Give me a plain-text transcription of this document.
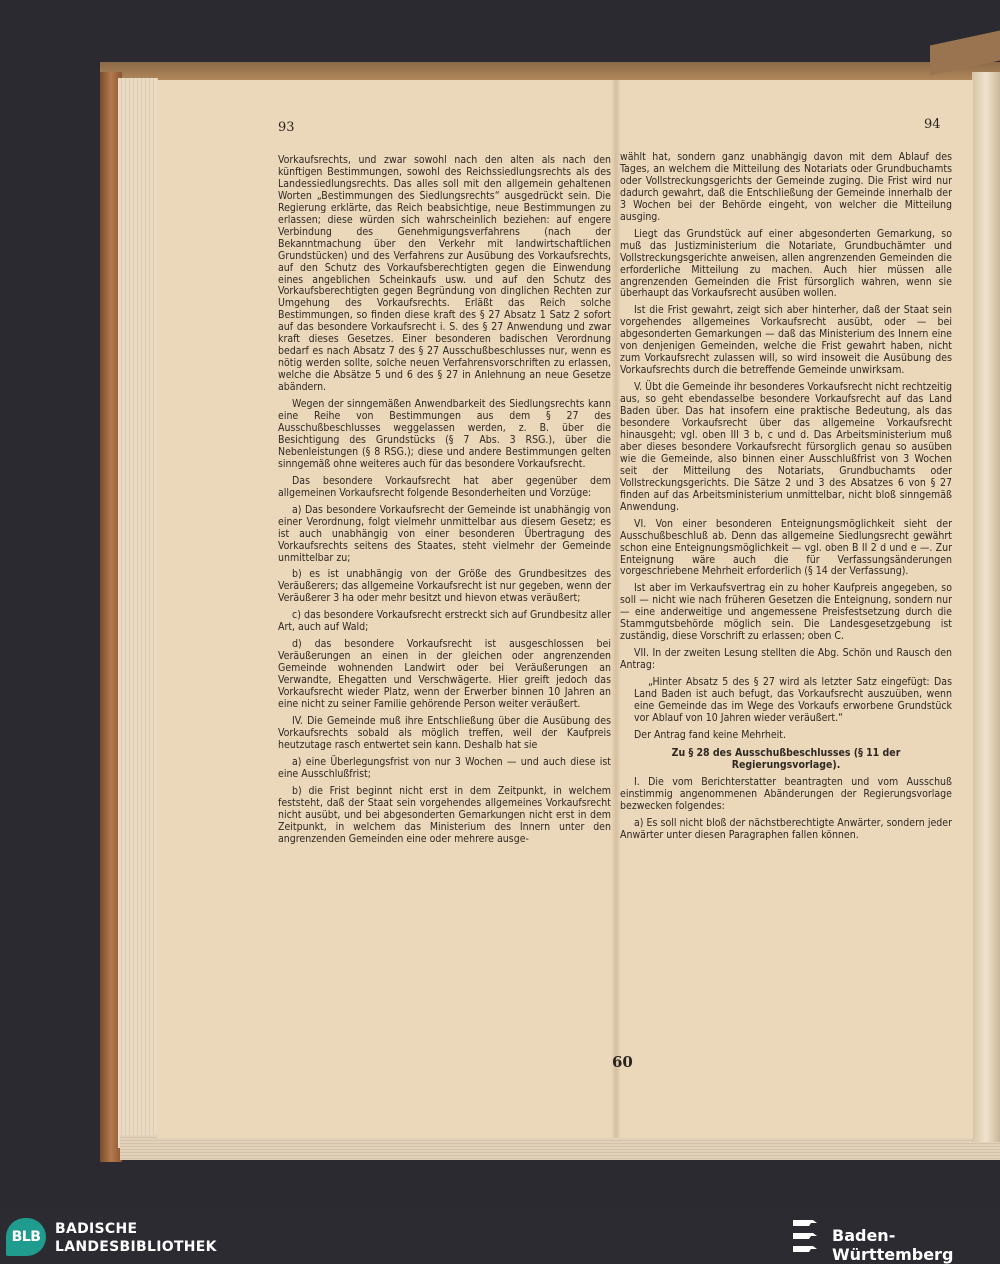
93	94

Vorkaufsrechts, und zwar sowohl nach den alten als nach den künftigen Bestimmungen, sowohl des Reichssiedlungsrechts als des Landessiedlungsrechts. Das alles soll mit den allgemein gehaltenen Worten „Bestimmungen des Siedlungsrechts“ ausgedrückt sein. Die Regierung erklärte, das Reich beabsichtige, neue Bestimmungen zu erlassen; diese würden sich wahrscheinlich beziehen: auf engere Verbindung des Genehmigungsverfahrens (nach der Bekanntmachung über den Verkehr mit landwirtschaftlichen Grundstücken) und des Verfahrens zur Ausübung des Vorkaufsrechts, auf den Schutz des Vorkaufsberechtigten gegen die Einwendung eines angeblichen Scheinkaufs usw. und auf den Schutz des Vorkaufsberechtigten gegen Begründung von dinglichen Rechten zur Umgehung des Vorkaufsrechts. Erläßt das Reich solche Bestimmungen, so finden diese kraft des § 27 Absatz 1 Satz 2 sofort auf das besondere Vorkaufsrecht i. S. des § 27 Anwendung und zwar kraft dieses Gesetzes. Einer besonderen badischen Verordnung bedarf es nach Absatz 7 des § 27 Ausschußbeschlusses nur, wenn es nötig werden sollte, solche neuen Verfahrensvorschriften zu erlassen, welche die Absätze 5 und 6 des § 27 in Anlehnung an neue Gesetze abändern.

Wegen der sinngemäßen Anwendbarkeit des Siedlungsrechts kann eine Reihe von Bestimmungen aus dem § 27 des Ausschußbeschlusses weggelassen werden, z. B. über die Besichtigung des Grundstücks (§ 7 Abs. 3 RSG.), über die Nebenleistungen (§ 8 RSG.); diese und andere Bestimmungen gelten sinngemäß ohne weiteres auch für das besondere Vorkaufsrecht.

Das besondere Vorkaufsrecht hat aber gegenüber dem allgemeinen Vorkaufsrecht folgende Besonderheiten und Vorzüge:

a) Das besondere Vorkaufsrecht der Gemeinde ist unabhängig von einer Verordnung, folgt vielmehr unmittelbar aus diesem Gesetz; es ist auch unabhängig von einer besonderen Übertragung des Vorkaufsrechts seitens des Staates, steht vielmehr der Gemeinde unmittelbar zu;

b) es ist unabhängig von der Größe des Grundbesitzes des Veräußerers; das allgemeine Vorkaufsrecht ist nur gegeben, wenn der Veräußerer 3 ha oder mehr besitzt und hievon etwas veräußert;

c) das besondere Vorkaufsrecht erstreckt sich auf Grundbesitz aller Art, auch auf Wald;

d) das besondere Vorkaufsrecht ist ausgeschlossen bei Veräußerungen an einen in der gleichen oder angrenzenden Gemeinde wohnenden Landwirt oder bei Veräußerungen an Verwandte, Ehegatten und Verschwägerte. Hier greift jedoch das Vorkaufsrecht wieder Platz, wenn der Erwerber binnen 10 Jahren an eine nicht zu seiner Familie gehörende Person weiter veräußert.

IV. Die Gemeinde muß ihre Entschließung über die Ausübung des Vorkaufsrechts sobald als möglich treffen, weil der Kaufpreis heutzutage rasch entwertet sein kann. Deshalb hat sie

a) eine Überlegungsfrist von nur 3 Wochen — und auch diese ist eine Ausschlußfrist;

b) die Frist beginnt nicht erst in dem Zeitpunkt, in welchem feststeht, daß der Staat sein vorgehendes allgemeines Vorkaufsrecht nicht ausübt, und bei abgesonderten Gemarkungen nicht erst in dem Zeitpunkt, in welchem das Ministerium des Innern unter den angrenzenden Gemeinden eine oder mehrere ausge-

wählt hat, sondern ganz unabhängig davon mit dem Ablauf des Tages, an welchem die Mitteilung des Notariats oder Grundbuchamts oder Vollstreckungsgerichts der Gemeinde zuging. Die Frist wird nur dadurch gewahrt, daß die Entschließung der Gemeinde innerhalb der 3 Wochen bei der Behörde eingeht, von welcher die Mitteilung ausging.

Liegt das Grundstück auf einer abgesonderten Gemarkung, so muß das Justizministerium die Notariate, Grundbuchämter und Vollstreckungsgerichte anweisen, allen angrenzenden Gemeinden die erforderliche Mitteilung zu machen. Auch hier müssen alle angrenzenden Gemeinden die Frist fürsorglich wahren, wenn sie überhaupt das Vorkaufsrecht ausüben wollen.

Ist die Frist gewahrt, zeigt sich aber hinterher, daß der Staat sein vorgehendes allgemeines Vorkaufsrecht ausübt, oder — bei abgesonderten Gemarkungen — daß das Ministerium des Innern eine von denjenigen Gemeinden, welche die Frist gewahrt haben, nicht zum Vorkaufsrecht zulassen will, so wird insoweit die Ausübung des Vorkaufsrechts durch die betreffende Gemeinde unwirksam.

V. Übt die Gemeinde ihr besonderes Vorkaufsrecht nicht rechtzeitig aus, so geht ebendasselbe besondere Vorkaufsrecht auf das Land Baden über. Das hat insofern eine praktische Bedeutung, als das besondere Vorkaufsrecht über das allgemeine Vorkaufsrecht hinausgeht; vgl. oben III 3 b, c und d. Das Arbeitsministerium muß aber dieses besondere Vorkaufsrecht fürsorglich genau so ausüben wie die Gemeinde, also binnen einer Ausschlußfrist von 3 Wochen seit der Mitteilung des Notariats, Grundbuchamts oder Vollstreckungsgerichts. Die Sätze 2 und 3 des Absatzes 6 von § 27 finden auf das Arbeitsministerium unmittelbar, nicht bloß sinngemäß Anwendung.

VI. Von einer besonderen Enteignungsmöglichkeit sieht der Ausschußbeschluß ab. Denn das allgemeine Siedlungsrecht gewährt schon eine Enteignungsmöglichkeit — vgl. oben B II 2 d und e —. Zur Enteignung wäre auch die für Verfassungsänderungen vorgeschriebene Mehrheit erforderlich (§ 14 der Verfassung).

Ist aber im Verkaufsvertrag ein zu hoher Kaufpreis angegeben, so soll — nicht wie nach früheren Gesetzen die Enteignung, sondern nur — eine anderweitige und angemessene Preisfestsetzung durch die Stammgutsbehörde möglich sein. Die Landesgesetzgebung ist zuständig, diese Vorschrift zu erlassen; oben C.

VII. In der zweiten Lesung stellten die Abg. Schön und Rausch den Antrag:

„Hinter Absatz 5 des § 27 wird als letzter Satz eingefügt: Das Land Baden ist auch befugt, das Vorkaufsrecht auszuüben, wenn eine Gemeinde das im Wege des Vorkaufs erworbene Grundstück vor Ablauf von 10 Jahren wieder veräußert.“

Der Antrag fand keine Mehrheit.

Zu § 28 des Ausschußbeschlusses (§ 11 der Regierungsvorlage).

I. Die vom Berichterstatter beantragten und vom Ausschuß einstimmig angenommenen Abänderungen der Regierungsvorlage bezwecken folgendes:

a) Es soll nicht bloß der nächstberechtigte Anwärter, sondern jeder Anwärter unter diesen Paragraphen fallen können.

60
BLB	BADISCHE
LANDESBIBLIOTHEK
Baden-Württemberg
